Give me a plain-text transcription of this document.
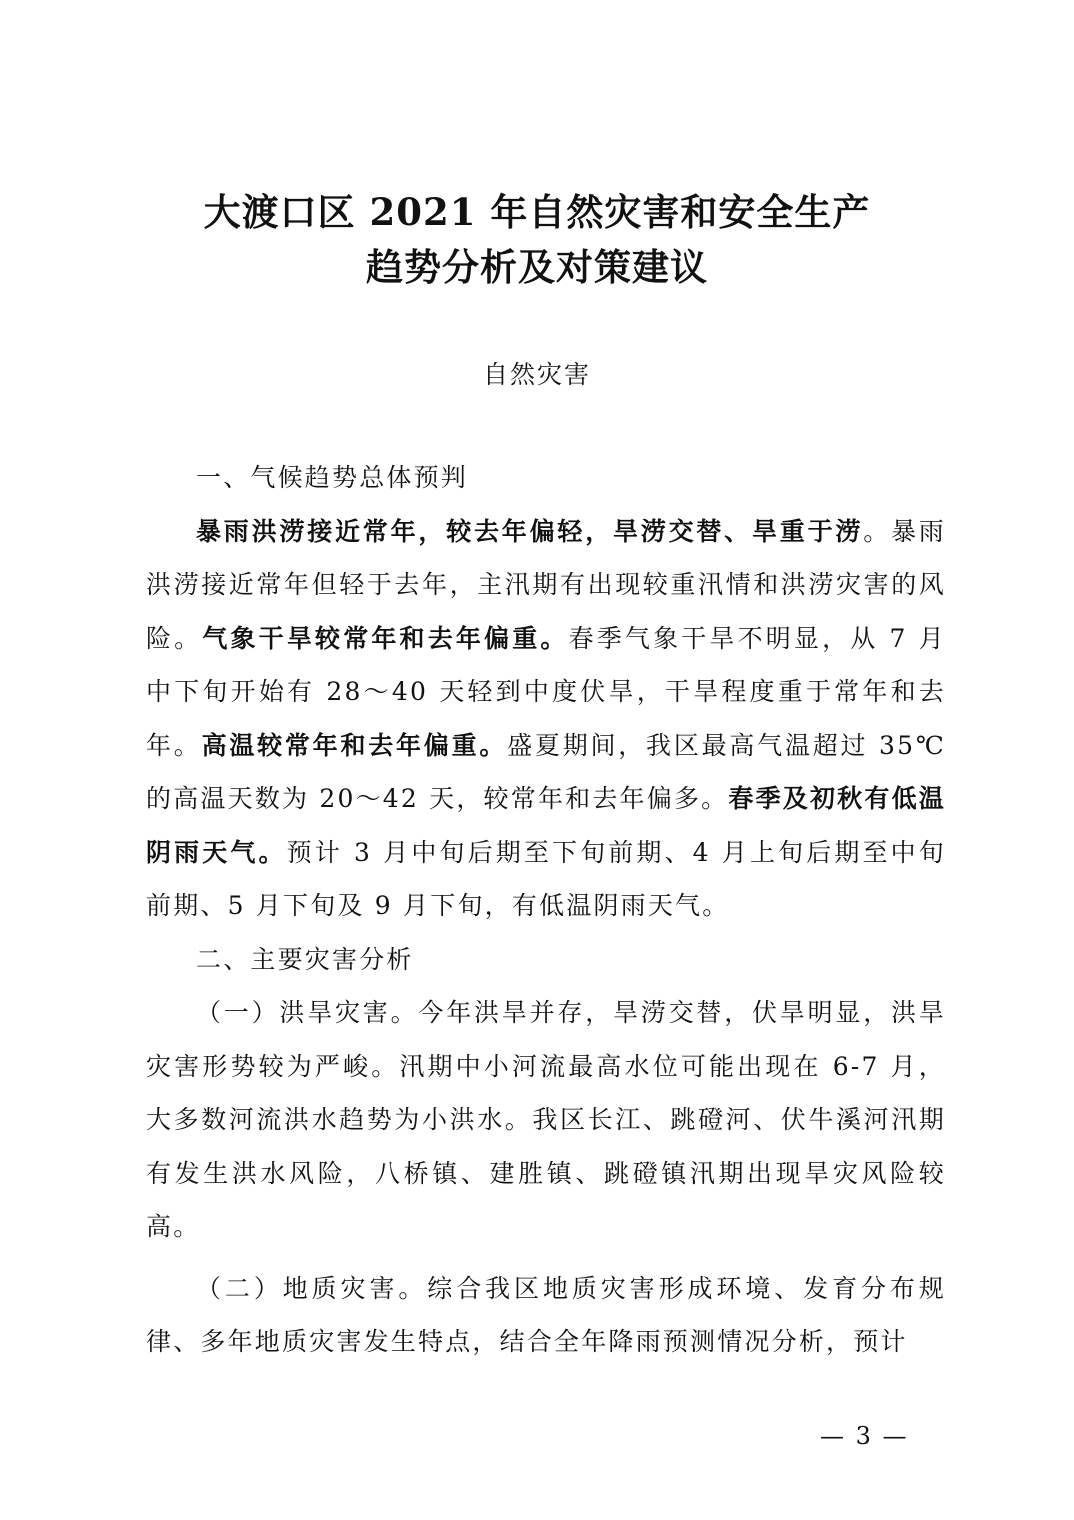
大渡口区 2021 年自然灾害和安全生产
趋势分析及对策建议
自然灾害

一、气候趋势总体预判

暴雨洪涝接近常年，较去年偏轻，旱涝交替、旱重于涝。暴雨洪涝接近常年但轻于去年，主汛期有出现较重汛情和洪涝灾害的风险。气象干旱较常年和去年偏重。春季气象干旱不明显，从 7 月中下旬开始有 28～40 天轻到中度伏旱，干旱程度重于常年和去年。高温较常年和去年偏重。盛夏期间，我区最高气温超过 35℃的高温天数为 20～42 天，较常年和去年偏多。春季及初秋有低温阴雨天气。预计 3 月中旬后期至下旬前期、4 月上旬后期至中旬前期、5 月下旬及 9 月下旬，有低温阴雨天气。

二、主要灾害分析

（一）洪旱灾害。今年洪旱并存，旱涝交替，伏旱明显，洪旱灾害形势较为严峻。汛期中小河流最高水位可能出现在 6-7 月，大多数河流洪水趋势为小洪水。我区长江、跳磴河、伏牛溪河汛期有发生洪水风险，八桥镇、建胜镇、跳磴镇汛期出现旱灾风险较高。

（二）地质灾害。综合我区地质灾害形成环境、发育分布规律、多年地质灾害发生特点，结合全年降雨预测情况分析，预计

— 3 —
